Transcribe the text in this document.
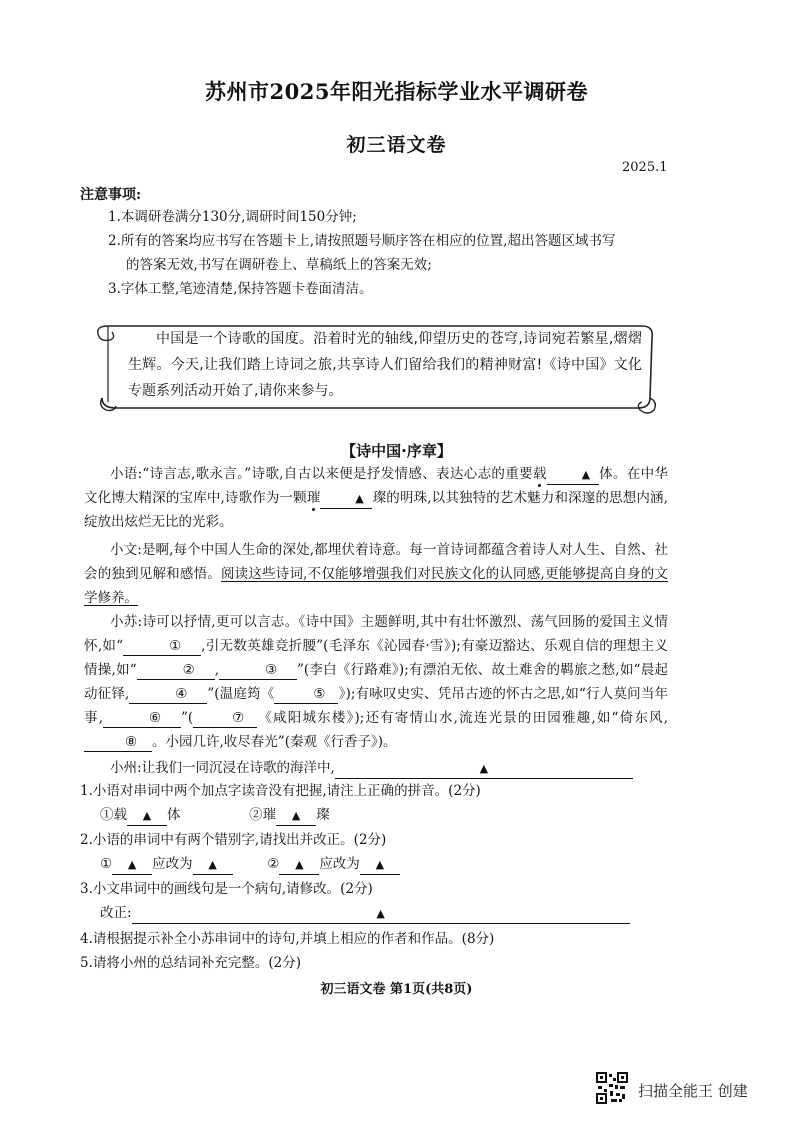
苏州市2025年阳光指标学业水平调研卷
初三语文卷
2025.1
注意事项:
1.本调研卷满分130分,调研时间150分钟;
2.所有的答案均应书写在答题卡上,请按照题号顺序答在相应的位置,超出答题区域书写
的答案无效,书写在调研卷上、草稿纸上的答案无效;
3.字体工整,笔迹清楚,保持答题卡卷面清洁。
中国是一个诗歌的国度。沿着时光的轴线,仰望历史的苍穹,诗词宛若繁星,熠熠生辉。今天,让我们踏上诗词之旅,共享诗人们留给我们的精神财富!《诗中国》文化专题系列活动开始了,请你来参与。
【诗中国·序章】
小语:“诗言志,歌永言。”诗歌,自古以来便是抒发情感、表达心志的重要载	▲ 体。在中华文化博大精深的宝库中,诗歌作为一颗璀	▲ 璨的明珠,以其独特的艺术魅力和深邃的思想内涵,绽放出炫烂无比的光彩。
小文:是啊,每个中国人生命的深处,都埋伏着诗意。每一首诗词都蕴含着诗人对人生、自然、社会的独到见解和感悟。阅读这些诗词,不仅能够增强我们对民族文化的认同感,更能够提高自身的文学修养。
小苏:诗可以抒情,更可以言志。《诗中国》主题鲜明,其中有壮怀激烈、荡气回肠的爱国主义情怀,如“	① ,引无数英雄竞折腰”(毛泽东《沁园春·雪》);有豪迈豁达、乐观自信的理想主义情操,如“	② ,	③ ”(李白《行路难》);有漂泊无依、故土难舍的羁旅之愁,如“晨起动征铎,	④ ”(温庭筠《	⑤ 》);有咏叹史实、凭吊古迹的怀古之思,如“行人莫问当年事,	⑥ ”(	⑦ 《咸阳城东楼》);还有寄情山水,流连光景的田园雅趣,如“倚东风,⑧ 。小园几许,收尽春光”(秦观《行香子》)。
小州:让我们一同沉浸在诗歌的海洋中,	▲
1.小语对串词中两个加点字读音没有把握,请注上正确的拼音。(2分)
①载 ▲ 体	②璀 ▲ 璨
2.小语的串词中有两个错别字,请找出并改正。(2分)
① ▲ 应改为 ▲	② ▲ 应改为 ▲
3.小文串词中的画线句是一个病句,请修改。(2分)
改正:	▲
4.请根据提示补全小苏串词中的诗句,并填上相应的作者和作品。(8分)
5.请将小州的总结词补充完整。(2分)
初三语文卷 第1页(共8页)
扫描全能王 创建
